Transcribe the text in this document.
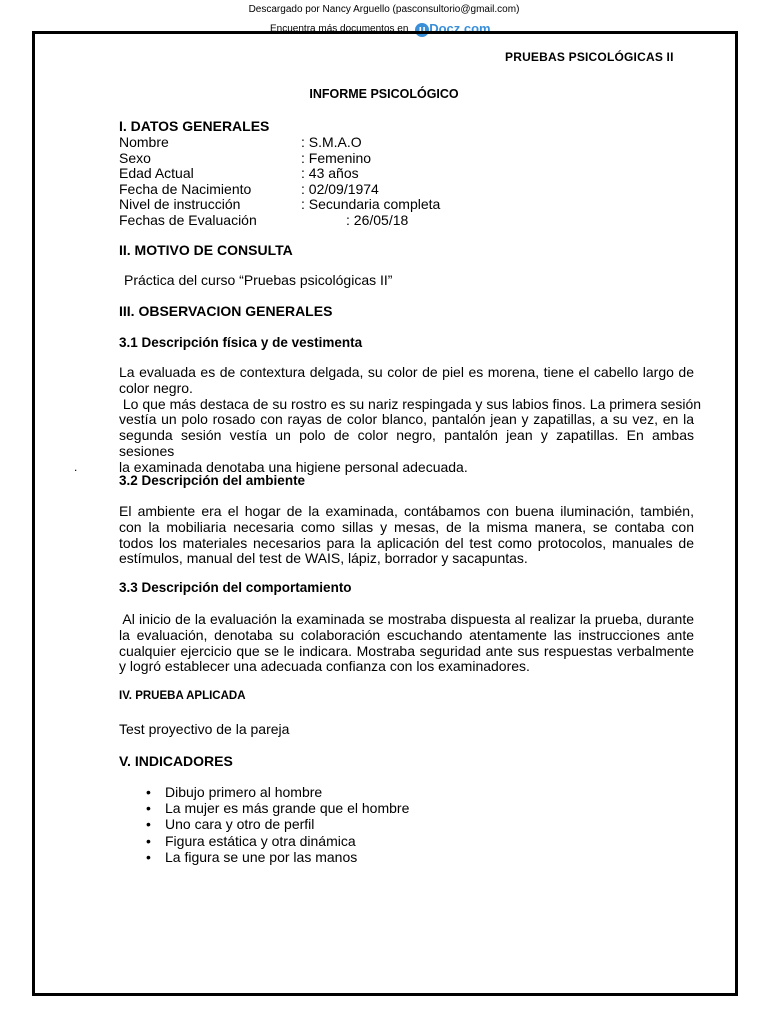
Descargado por Nancy Arguello (pasconsultorio@gmail.com)
Encuentra más documentos en u Docz.com
PRUEBAS PSICOLÓGICAS II
INFORME PSICOLÓGICO
I. DATOS GENERALES
Nombre	: S.M.A.O
Sexo	: Femenino
Edad Actual	: 43 años
Fecha de Nacimiento	: 02/09/1974
Nivel de instrucción	: Secundaria completa
Fechas de Evaluación	: 26/05/18
II. MOTIVO DE CONSULTA
Práctica del curso “Pruebas psicológicas II”
III. OBSERVACION GENERALES
3.1 Descripción física y de vestimenta
La evaluada es de contextura delgada, su color de piel es morena, tiene el cabello largo de
color negro.
Lo que más destaca de su rostro es su nariz respingada y sus labios finos. La primera sesión
vestía un polo rosado con rayas de color blanco, pantalón jean y zapatillas, a su vez, en la
segunda sesión vestía un polo de color negro, pantalón jean y zapatillas. En ambas sesiones
la examinada denotaba una higiene personal adecuada.
.
3.2 Descripción del ambiente
El ambiente era el hogar de la examinada, contábamos con buena iluminación, también,
con la mobiliaria necesaria como sillas y mesas, de la misma manera, se contaba con
todos los materiales necesarios para la aplicación del test como protocolos, manuales de
estímulos, manual del test de WAIS, lápiz, borrador y sacapuntas.
3.3 Descripción del comportamiento
Al inicio de la evaluación la examinada se mostraba dispuesta al realizar la prueba, durante
la evaluación, denotaba su colaboración escuchando atentamente las instrucciones ante
cualquier ejercicio que se le indicara. Mostraba seguridad ante sus respuestas verbalmente
y logró establecer una adecuada confianza con los examinadores.
IV. PRUEBA APLICADA
Test proyectivo de la pareja
V. INDICADORES
• Dibujo primero al hombre
• La mujer es más grande que el hombre
• Uno cara y otro de perfil
• Figura estática y otra dinámica
• La figura se une por las manos
